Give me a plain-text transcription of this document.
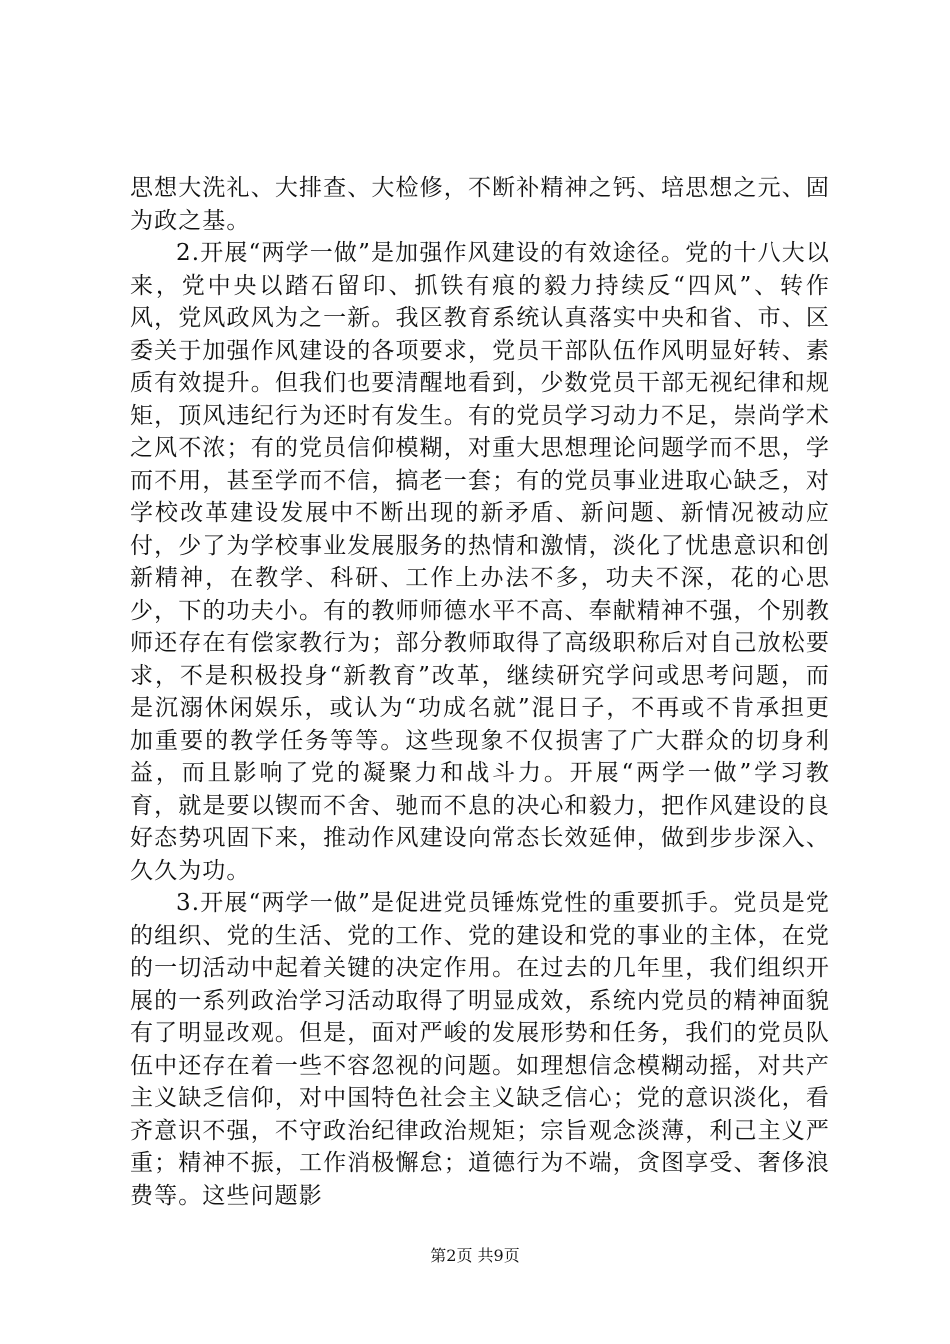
思想大洗礼、大排查、大检修，不断补精神之钙、培思想之元、固为政之基。

2.开展“两学一做”是加强作风建设的有效途径。党的十八大以来，党中央以踏石留印、抓铁有痕的毅力持续反“四风”、转作风，党风政风为之一新。我区教育系统认真落实中央和省、市、区委关于加强作风建设的各项要求，党员干部队伍作风明显好转、素质有效提升。但我们也要清醒地看到，少数党员干部无视纪律和规矩，顶风违纪行为还时有发生。有的党员学习动力不足，崇尚学术之风不浓；有的党员信仰模糊，对重大思想理论问题学而不思，学而不用，甚至学而不信，搞老一套；有的党员事业进取心缺乏，对学校改革建设发展中不断出现的新矛盾、新问题、新情况被动应付，少了为学校事业发展服务的热情和激情，淡化了忧患意识和创新精神，在教学、科研、工作上办法不多，功夫不深，花的心思少，下的功夫小。有的教师师德水平不高、奉献精神不强，个别教师还存在有偿家教行为；部分教师取得了高级职称后对自己放松要求，不是积极投身“新教育”改革，继续研究学问或思考问题，而是沉溺休闲娱乐，或认为“功成名就”混日子，不再或不肯承担更加重要的教学任务等等。这些现象不仅损害了广大群众的切身利益，而且影响了党的凝聚力和战斗力。开展“两学一做”学习教育，就是要以锲而不舍、驰而不息的决心和毅力，把作风建设的良好态势巩固下来，推动作风建设向常态长效延伸，做到步步深入、久久为功。

3.开展“两学一做”是促进党员锤炼党性的重要抓手。党员是党的组织、党的生活、党的工作、党的建设和党的事业的主体，在党的一切活动中起着关键的决定作用。在过去的几年里，我们组织开展的一系列政治学习活动取得了明显成效，系统内党员的精神面貌有了明显改观。但是，面对严峻的发展形势和任务，我们的党员队伍中还存在着一些不容忽视的问题。如理想信念模糊动摇，对共产主义缺乏信仰，对中国特色社会主义缺乏信心；党的意识淡化，看齐意识不强，不守政治纪律政治规矩；宗旨观念淡薄，利己主义严重；精神不振，工作消极懈怠；道德行为不端，贪图享受、奢侈浪费等。这些问题影

第2页 共9页
